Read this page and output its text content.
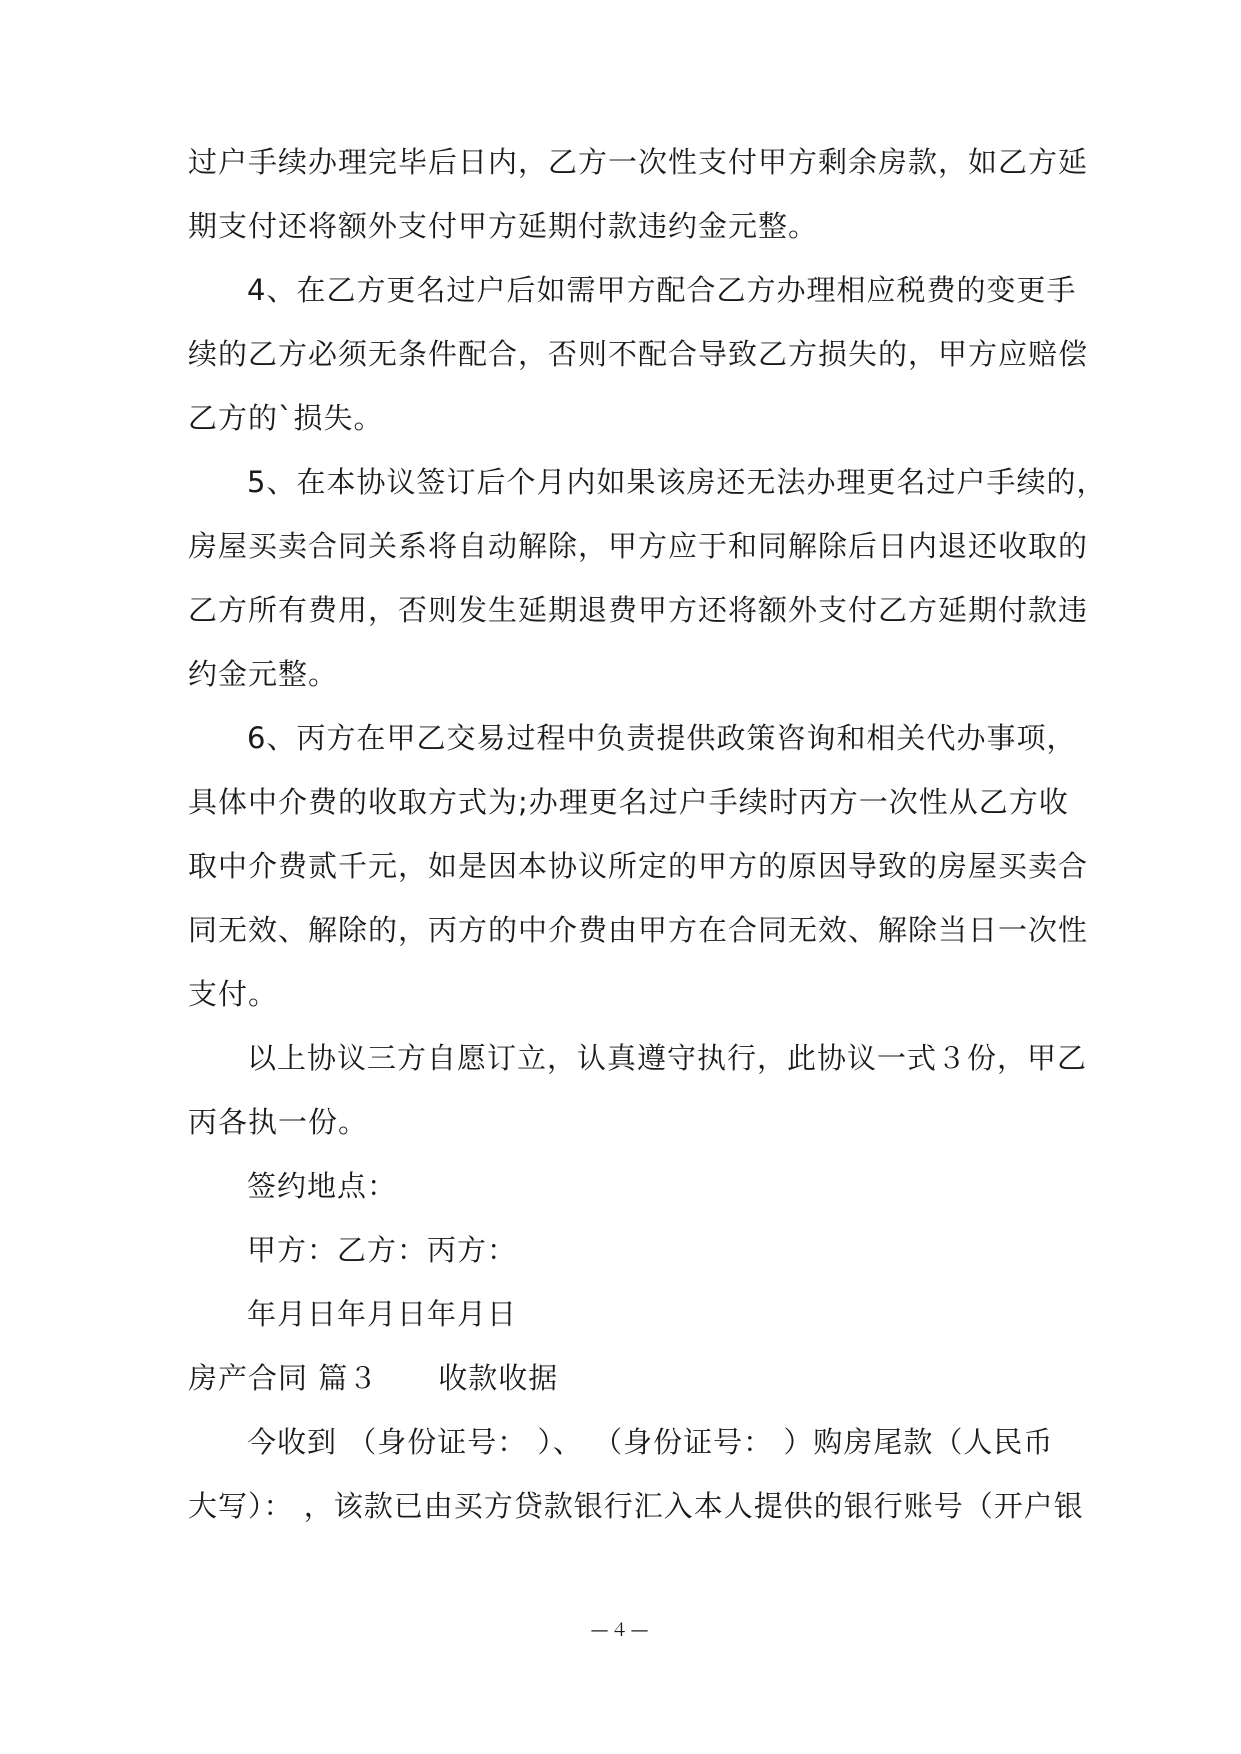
过户手续办理完毕后日内，乙方一次性支付甲方剩余房款，如乙方延
期支付还将额外支付甲方延期付款违约金元整。
4、在乙方更名过户后如需甲方配合乙方办理相应税费的变更手
续的乙方必须无条件配合，否则不配合导致乙方损失的，甲方应赔偿
乙方的`损失。
5、在本协议签订后个月内如果该房还无法办理更名过户手续的，
房屋买卖合同关系将自动解除，甲方应于和同解除后日内退还收取的
乙方所有费用，否则发生延期退费甲方还将额外支付乙方延期付款违
约金元整。
6、丙方在甲乙交易过程中负责提供政策咨询和相关代办事项，
具体中介费的收取方式为;办理更名过户手续时丙方一次性从乙方收
取中介费贰千元，如是因本协议所定的甲方的原因导致的房屋买卖合
同无效、解除的，丙方的中介费由甲方在合同无效、解除当日一次性
支付。
以上协议三方自愿订立，认真遵守执行，此协议一式３份，甲乙
丙各执一份。
签约地点：
甲方：乙方：丙方：
年月日年月日年月日
房产合同 篇３ 收款收据
今收到 （身份证号： ）、 （身份证号： ）购房尾款（人民币
大写）： ，该款已由买方贷款银行汇入本人提供的银行账号（开户银
—４—
